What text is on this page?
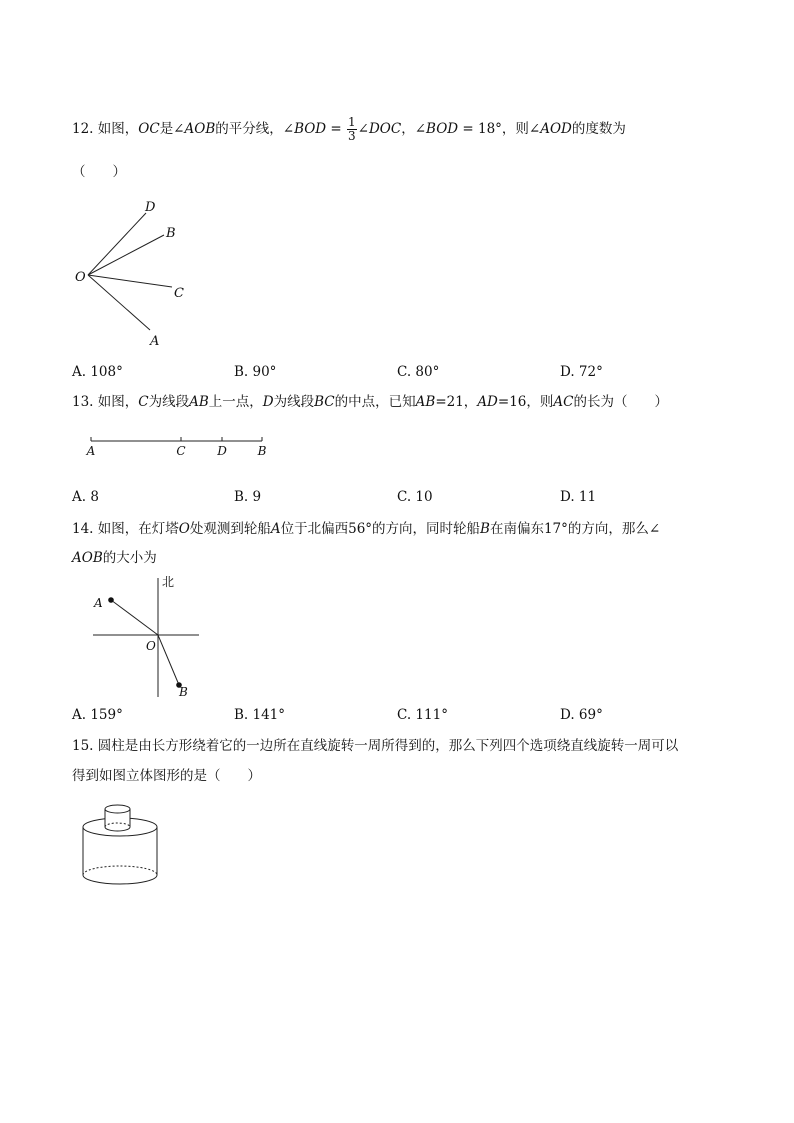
12. 如图，OC是∠AOB的平分线，∠BOD = $\frac{1}{3}$ ∠DOC，∠BOD = 18°，则∠AOD的度数为
（　　）
D
B
O
C
A
A. 108°	B. 90°	C. 80°	D. 72°
13. 如图，C为线段AB上一点，D为线段BC的中点，已知AB=21，AD=16，则AC的长为（　　）
A	C	D	B
A. 8	B. 9	C. 10	D. 11
14. 如图，在灯塔O处观测到轮船A位于北偏西56°的方向，同时轮船B在南偏东17°的方向，那么∠
AOB的大小为
北
A
O
B
A. 159°	B. 141°	C. 111°	D. 69°
15. 圆柱是由长方形绕着它的一边所在直线旋转一周所得到的，那么下列四个选项绕直线旋转一周可以
得到如图立体图形的是（　　）
